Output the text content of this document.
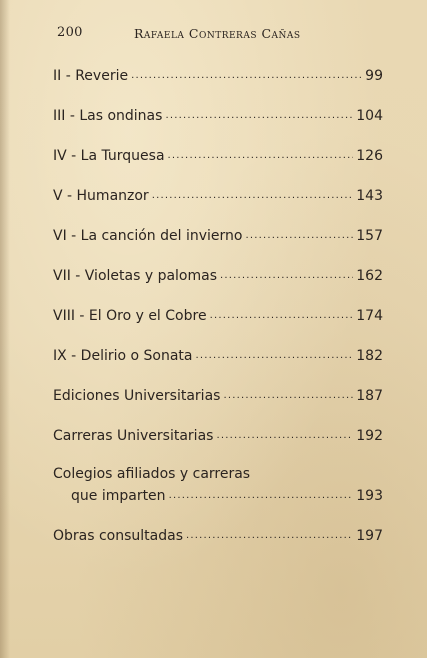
200	Rafaela Contreras Cañas
II - Reverie .....	99
III - Las ondinas .....	104
IV - La Turquesa .....	126
V - Humanzor .....	143
VI - La canción del invierno .....	157
VII - Violetas y palomas .....	162
VIII - El Oro y el Cobre .....	174
IX - Delirio o Sonata .....	182
Ediciones Universitarias .....	187
Carreras Universitarias .....	192
Colegios afiliados y carreras
que imparten .....	193
Obras consultadas .....	197
